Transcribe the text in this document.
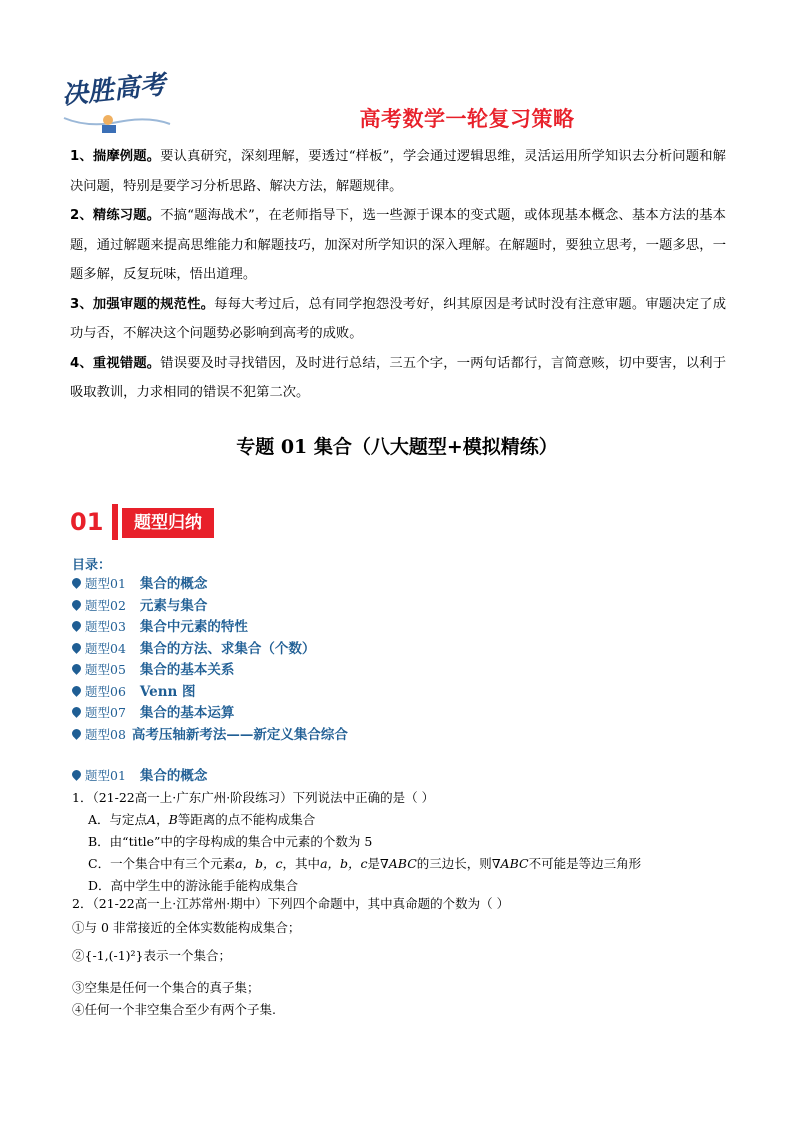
决胜高考
高考数学一轮复习策略

1、揣摩例题。要认真研究，深刻理解，要透过“样板”，学会通过逻辑思维，灵活运用所学知识去分析问题和解决问题，特别是要学习分析思路、解决方法，解题规律。

2、精练习题。不搞“题海战术”，在老师指导下，选一些源于课本的变式题，或体现基本概念、基本方法的基本题，通过解题来提高思维能力和解题技巧，加深对所学知识的深入理解。在解题时，要独立思考，一题多思，一题多解，反复玩味，悟出道理。

3、加强审题的规范性。每每大考过后，总有同学抱怨没考好，纠其原因是考试时没有注意审题。审题决定了成功与否，不解决这个问题势必影响到高考的成败。

4、重视错题。错误要及时寻找错因，及时进行总结，三五个字，一两句话都行，言简意赅，切中要害，以利于吸取教训，力求相同的错误不犯第二次。

专题 01 集合（八大题型+模拟精练）
01	题型归纳
目录：
题型01 集合的概念
题型02 元素与集合
题型03 集合中元素的特性
题型04 集合的方法、求集合（个数）
题型05 集合的基本关系
题型06 Venn 图
题型07 集合的基本运算
题型08 高考压轴新考法——新定义集合综合
题型01 集合的概念
1．（21-22高一上·广东广州·阶段练习）下列说法中正确的是（ ）
A．与定点A，B等距离的点不能构成集合
B．由“title”中的字母构成的集合中元素的个数为 5
C．一个集合中有三个元素a，b，c，其中a，b，c是∇ABC的三边长，则∇ABC不可能是等边三角形
D．高中学生中的游泳能手能构成集合
2．（21-22高一上·江苏常州·期中）下列四个命题中，其中真命题的个数为（ ）
①与 0 非常接近的全体实数能构成集合；
②{-1,(-1)²}表示一个集合；
③空集是任何一个集合的真子集；
④任何一个非空集合至少有两个子集.
